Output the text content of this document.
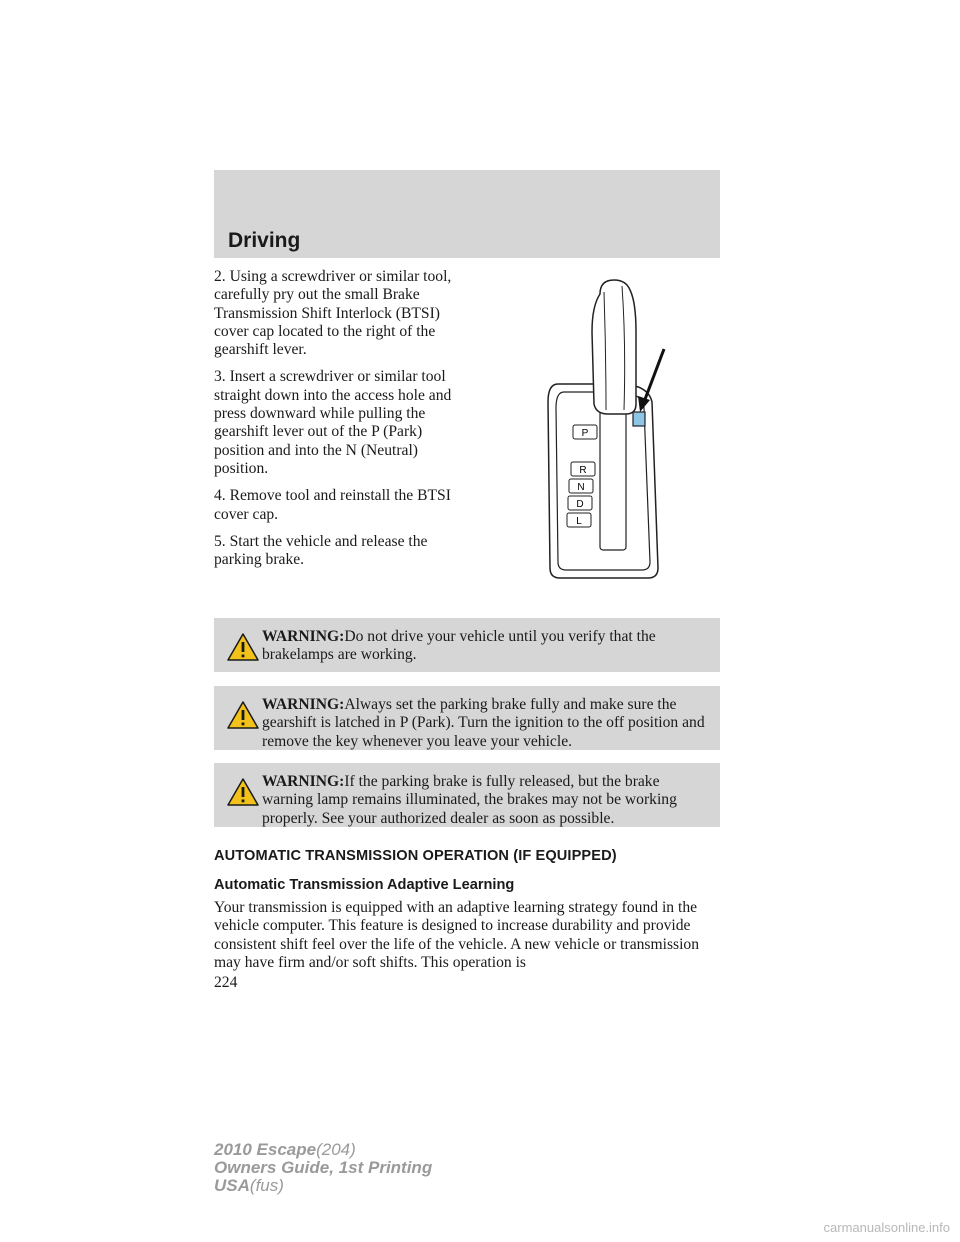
Driving

2. Using a screwdriver or similar tool, carefully pry out the small Brake Transmission Shift Interlock (BTSI) cover cap located to the right of the gearshift lever.

3. Insert a screwdriver or similar tool straight down into the access hole and press downward while pulling the gearshift lever out of the P (Park) position and into the N (Neutral) position.

4. Remove tool and reinstall the BTSI cover cap.

5. Start the vehicle and release the parking brake.

P
R
N
D
L
WARNING:Do not drive your vehicle until you verify that the brakelamps are working.
WARNING:Always set the parking brake fully and make sure the gearshift is latched in P (Park). Turn the ignition to the off position and remove the key whenever you leave your vehicle.
WARNING:If the parking brake is fully released, but the brake warning lamp remains illuminated, the brakes may not be working properly. See your authorized dealer as soon as possible.
AUTOMATIC TRANSMISSION OPERATION (IF EQUIPPED)
Automatic Transmission Adaptive Learning

Your transmission is equipped with an adaptive learning strategy found in the vehicle computer. This feature is designed to increase durability and provide consistent shift feel over the life of the vehicle. A new vehicle or transmission may have firm and/or soft shifts. This operation is

224
2010 Escape(204)
Owners Guide, 1st Printing
USA(fus)
carmanualsonline.info
